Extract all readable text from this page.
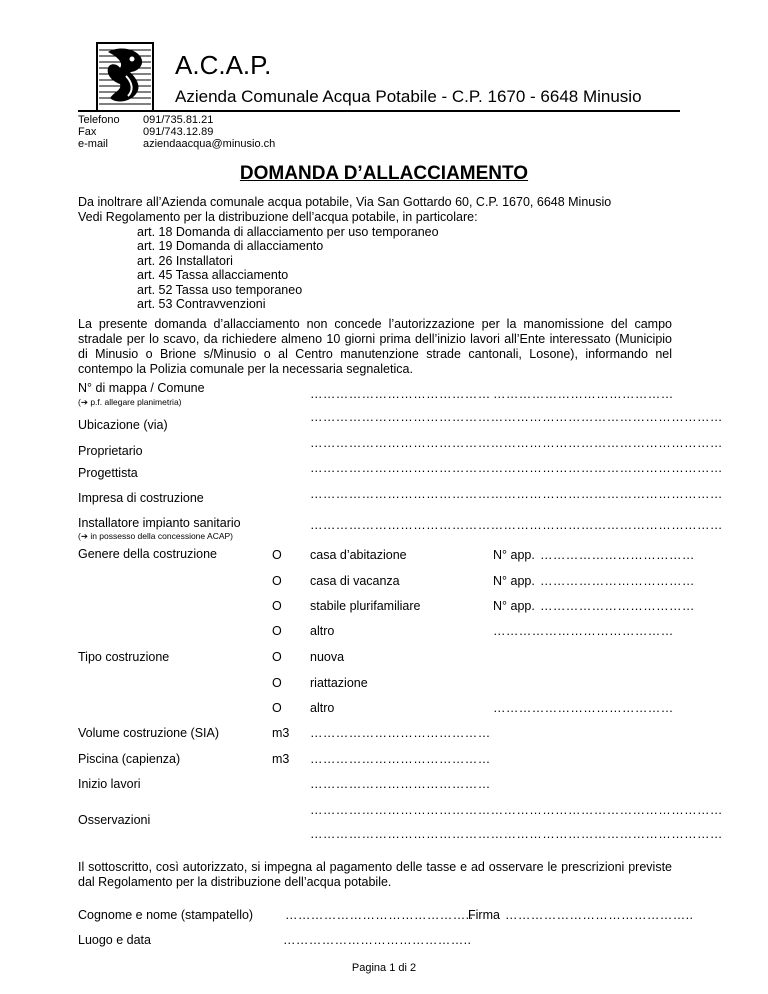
A.C.A.P.
Azienda Comunale Acqua Potabile - C.P. 1670 - 6648 Minusio
Telefono 091/735.81.21
Fax	091/743.12.89
e-mail	aziendaacqua@minusio.ch
DOMANDA D’ALLACCIAMENTO
Da inoltrare all’Azienda comunale acqua potabile, Via San Gottardo 60, C.P. 1670, 6648 Minusio
Vedi Regolamento per la distribuzione dell’acqua potabile, in particolare:
art. 18 Domanda di allacciamento per uso temporaneo
art. 19 Domanda di allacciamento
art. 26 Installatori
art. 45 Tassa allacciamento
art. 52 Tassa uso temporaneo
art. 53 Contravvenzioni
La presente domanda d’allacciamento non concede l’autorizzazione per la manomissione del campo stradale per lo scavo, da richiedere almeno 10 giorni prima dell’inizio lavori all’Ente interessato (Municipio di Minusio o Brione s/Minusio o al Centro manutenzione strade cantonali, Losone), informando nel contempo la Polizia comunale per la necessaria segnaletica.
N° di mappa / Comune
(➔ p.f. allegare planimetria)
…………………………………… ……………………………………
Ubicazione (via)
……………………………………………………………………………………
Proprietario
……………………………………………………………………………………
Progettista	……………………………………………………………………………………
Impresa di costruzione	……………………………………………………………………………………
Installatore impianto sanitario
(➔ in possesso della concessione ACAP)
……………………………………………………………………………………
Genere della costruzione	O casa d’abitazione	N° app. ………………………………
O casa di vacanza	N° app. ………………………………
O stabile plurifamiliare	N° app. ………………………………
O altro	……………………………………
Tipo costruzione	O nuova
O riattazione
O altro	……………………………………
Volume costruzione (SIA)	m3 ……………………………………
Piscina (capienza)	m3 ……………………………………
Inizio lavori	……………………………………
Osservazioni
……………………………………………………………………………………
……………………………………………………………………………………
Il sottoscritto, così autorizzato, si impegna al pagamento delle tasse e ad osservare le prescrizioni previste dal Regolamento per la distribuzione dell’acqua potabile.
Cognome e nome (stampatello)	……………………………………..
Firma ……………………………………..
Luogo e data	……………………………………..
Pagina 1 di 2
